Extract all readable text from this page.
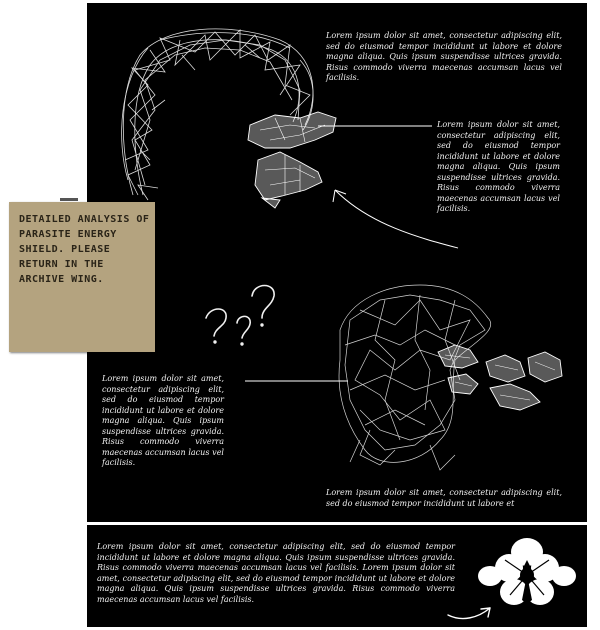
Lorem ipsum dolor sit amet, consectetur adipiscing elit, sed do eiusmod tempor incididunt ut labore et dolore magna aliqua. Quis ipsum suspendisse ultrices gravida. Risus commodo viverra maecenas accumsan lacus vel facilisis.

Lorem ipsum dolor sit amet, consectetur adipiscing elit, sed do eiusmod tempor incididunt ut labore et dolore magna aliqua. Quis ipsum suspendisse ultrices gravida. Risus commodo viverra maecenas accumsan lacus vel facilisis.

Lorem ipsum dolor sit amet, consectetur adipiscing elit, sed do eiusmod tempor incididunt ut labore et dolore magna aliqua. Quis ipsum suspendisse ultrices gravida. Risus commodo viverra maecenas accumsan lacus vel facilisis.

Lorem ipsum dolor sit amet, consectetur adipiscing elit, sed do eiusmod tempor incididunt ut labore et

Lorem ipsum dolor sit amet, consectetur adipiscing elit, sed do eiusmod tempor incididunt ut labore et dolore magna aliqua. Quis ipsum suspendisse ultrices gravida. Risus commodo viverra maecenas accumsan lacus vel facilisis. Lorem ipsum dolor sit amet, consectetur adipiscing elit, sed do eiusmod tempor incididunt ut labore et dolore magna aliqua. Quis ipsum suspendisse ultrices gravida. Risus commodo viverra maecenas accumsan lacus vel facilisis.

DETAILED ANALYSIS OF PARASITE ENERGY SHIELD. PLEASE RETURN IN THE ARCHIVE WING.
